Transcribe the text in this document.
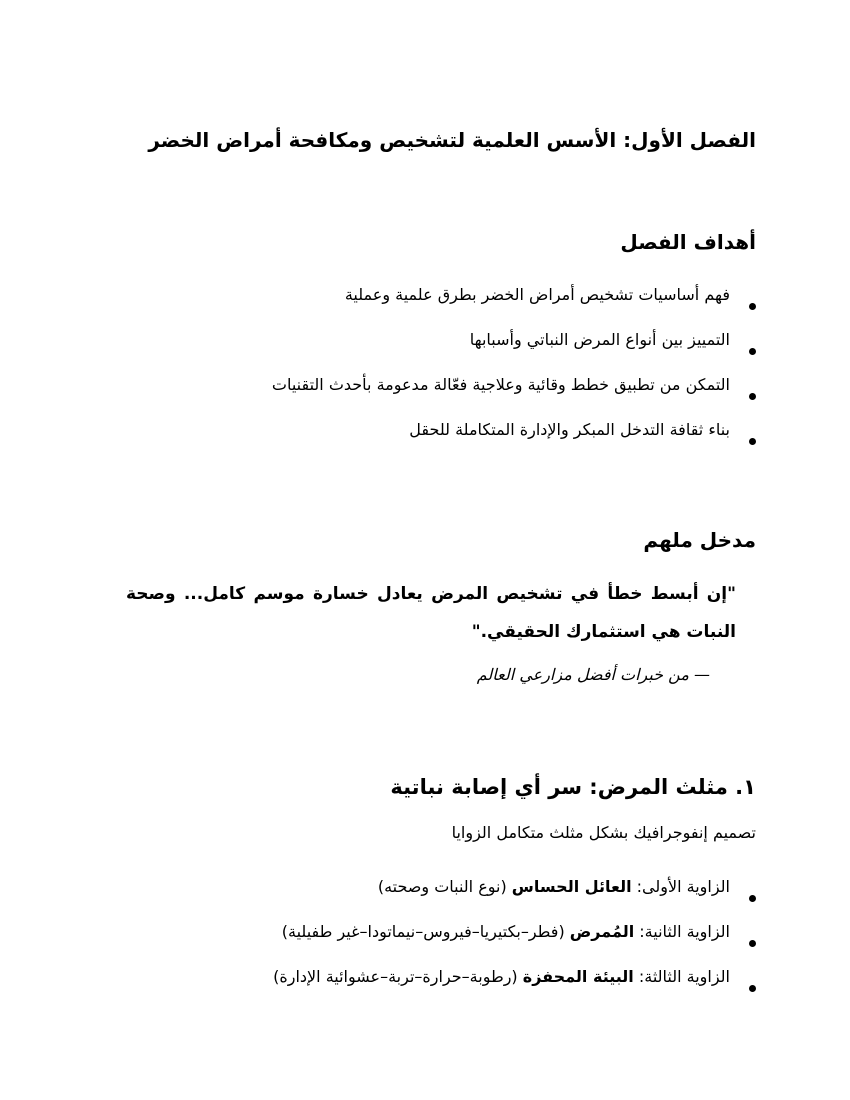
الفصل الأول: الأسس العلمية لتشخيص ومكافحة أمراض الخضر
أهداف الفصل
فهم أساسيات تشخيص أمراض الخضر بطرق علمية وعملية
التمييز بين أنواع المرض النباتي وأسبابها
التمكن من تطبيق خطط وقائية وعلاجية فعّالة مدعومة بأحدث التقنيات
بناء ثقافة التدخل المبكر والإدارة المتكاملة للحقل
مدخل ملهم

"إن أبسط خطأ في تشخيص المرض يعادل خسارة موسم كامل... وصحة النبات هي استثمارك الحقيقي."

— من خبرات أفضل مزارعي العالم

١. مثلث المرض: سر أي إصابة نباتية

تصميم إنفوجرافيك بشكل مثلث متكامل الزوايا

الزاوية الأولى: العائل الحساس (نوع النبات وصحته)
الزاوية الثانية: المُمرض (فطر–بكتيريا–فيروس–نيماتودا–غير طفيلية)
الزاوية الثالثة: البيئة المحفزة (رطوبة–حرارة–تربة–عشوائية الإدارة)
